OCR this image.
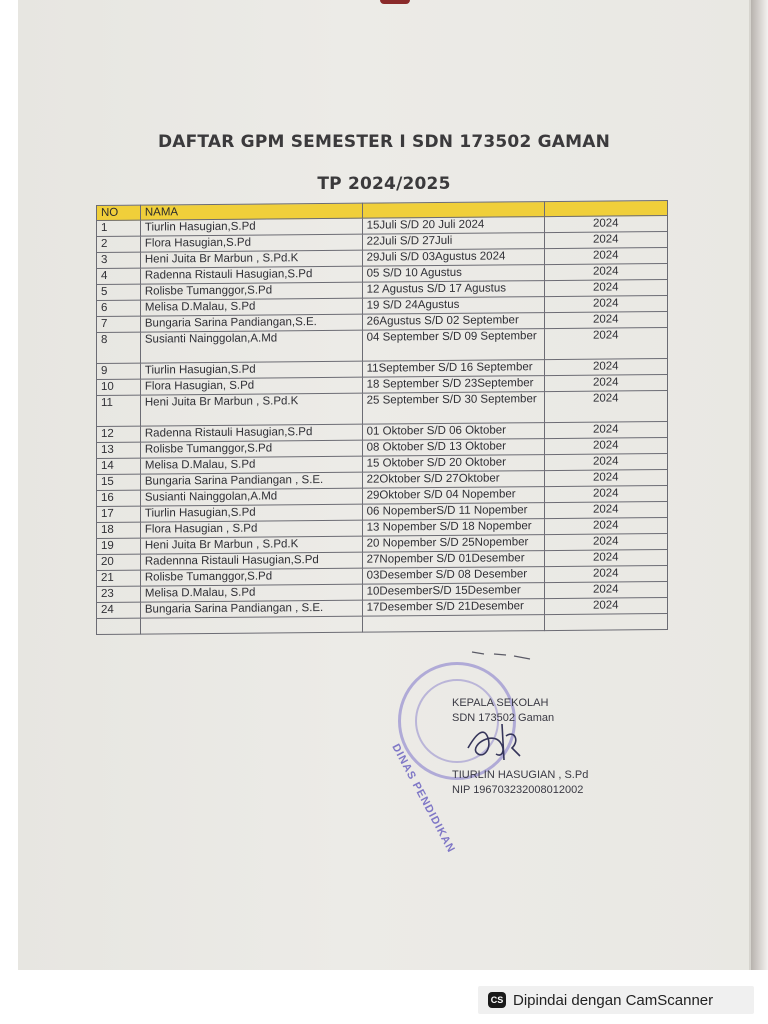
DAFTAR GPM SEMESTER I SDN 173502 GAMAN
TP 2024/2025
NO	NAMA		
1	Tiurlin Hasugian,S.Pd	15Juli S/D 20 Juli 2024	2024
2	Flora Hasugian,S.Pd	22Juli S/D 27Juli	2024
3	Heni Juita Br Marbun , S.Pd.K	29Juli S/D 03Agustus 2024	2024
4	Radenna Ristauli Hasugian,S.Pd	05 S/D 10 Agustus	2024
5	Rolisbe Tumanggor,S.Pd	12 Agustus S/D 17 Agustus	2024
6	Melisa D.Malau, S.Pd	19 S/D 24Agustus	2024
7	Bungaria Sarina Pandiangan,S.E.	26Agustus S/D 02 September	2024
8	Susianti Nainggolan,A.Md	04 September S/D 09 September	2024
9	Tiurlin Hasugian,S.Pd	11September S/D 16 September	2024
10	Flora Hasugian, S.Pd	18 September S/D 23September	2024
11	Heni Juita Br Marbun , S.Pd.K	25 September S/D 30 September	2024
12	Radenna Ristauli Hasugian,S.Pd	01 Oktober S/D 06 Oktober	2024
13	Rolisbe Tumanggor,S.Pd	08 Oktober S/D 13 Oktober	2024
14	Melisa D.Malau, S.Pd	15 Oktober S/D 20 Oktober	2024
15	Bungaria Sarina Pandiangan , S.E.	22Oktober S/D 27Oktober	2024
16	Susianti Nainggolan,A.Md	29Oktober S/D 04 Nopember	2024
17	Tiurlin Hasugian,S.Pd	06 NopemberS/D 11 Nopember	2024
18	Flora Hasugian , S.Pd	13 Nopember S/D 18 Nopember	2024
19	Heni Juita Br Marbun , S.Pd.K	20 Nopember S/D 25Nopember	2024
20	Radennna Ristauli Hasugian,S.Pd	27Nopember S/D 01Desember	2024
21	Rolisbe Tumanggor,S.Pd	03Desember S/D 08 Desember	2024
23	Melisa D.Malau, S.Pd	10DesemberS/D 15Desember	2024
24	Bungaria Sarina Pandiangan , S.E.	17Desember S/D 21Desember	2024

DINAS PENDIDIKAN
KEPALA SEKOLAH
SDN 173502 Gaman
TIURLIN HASUGIAN , S.Pd
NIP 196703232008012002
CS Dipindai dengan CamScanner
